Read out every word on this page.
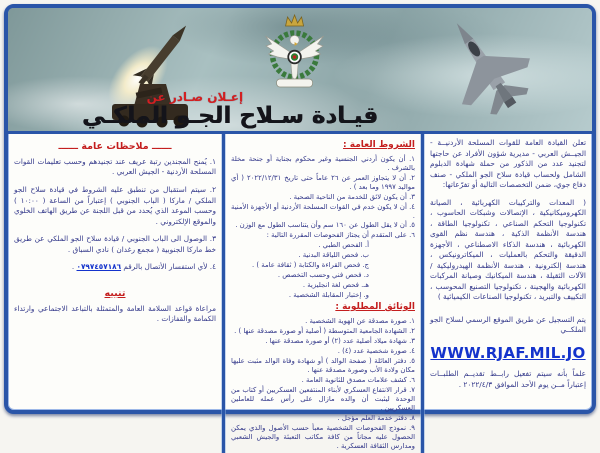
إعـلان صـادر عن
قيـادة سـلاح الجـو الملكـي

تعلن القيادة العامة للقوات المسلحة الأردنيــة - الجيــش العربي - مديرية شؤون الأفراد عن حاجتها لتجنيد عدد من الذكور من حملة شهادة الدبلوم الشامل ولحساب قيادة سلاح الجو الملكي - صنف دفاع جوي، ضمن التخصصات التالية أو تفرّعاتها:

( المعدات والتركيبات الكهربائية ، الصيانة الكهروميكانيكية ، الإتصالات وشبكات الحاسوب ، تكنولوجيا التحكم الصناعي ، تكنولوجيا الطاقة ، هندسة الأنظمة الذكية ، هندسة نظم القوى الكهربائية ، هندسة الذكاء الاصطناعي ، الأجهزة الدقيقة والتحكم بالعمليات ، الميكاترونيكس ، هندسة إلكترونية ، هندسة الأنظمة الهيدروليكية / الآلات الثقيلة ، هندسة الميكانيك وصيانة المركبات الكهربائية والهجينة ، تكنولوجيا التصنيع المحوسب ، التكييف والتبريد ، تكنولوجيا الصناعات الكيميائية )

يتم التسجيل عن طريق الموقع الرسمي لسلاح الجو الملكــي

WWW.RJAF.MIL.JO

علماً بأنه سيتم تفعيل رابــط تقديــم الطلبــات إعتباراً مــن يوم الأحد الموافق ٢٠٢٢/٤/٣ .

الشروط العامة :
١. أن يكون أردني الجنسية وغير محكوم بجناية أو جنحة مخلة بالشرف .
٢. أن لا يتجاوز العمر عن ٢٦ عاماً حتى تاريخ ٢٠٢٢/١٢/٣١ ( أي مواليد ١٩٩٧ وما بعد ) .
٣. أن يكون لائق للخدمة من الناحية الصحية .
٤. أن لا يكون خدم في القوات المسلحة الأردنية أو الأجهزة الأمنية .
٥. أن لا يقل الطول عن ١٦٠ سم وأن يتناسب الطول مع الوزن .
٦. على المتقدم أن يجتاز الفحوصات المقررة التالية :
أ. الفحص الطبي .
ب. فحص اللياقة البدنية .
ج. فحص القراءة والكتابة ( ثقافة عامة ) .
د. فحص فني وحسب التخصص .
هـ. فحص لغة انجليزية .
و. إختبار المقابلة الشخصية .
الوثائق المطلوبة :
١. صورة مصدقة عن الهوية الشخصية .
٢. الشهادة الجامعية المتوسطة ( أصلية أو صورة مصدقة عنها ) .
٣. شهادة ميلاد أصلية عدد (٢) أو صورة مصدقة عنها .
٤. صورة شخصية عدد (٤) .
٥. دفتر العائلة ( صفحة الوالد ) أو شهادة وفاة الوالد مثبت عليها مكان ولادة الأب وصورة مصدقة عنها .
٦. كشف علامات مصدق للثانوية العامة .
٧. قرار الانتفاع العسكري لأبناء المنتفعين العسكريين أو كتاب من الوحدة ليثبت أن والده مازال على رأس عمله للعاملين العسكريين .
٨. دفتر خدمة العلم مؤجل .
٩. نموذج الفحوصات الشخصية معبأ حسب الأصول والذي يمكن الحصول عليه مجاناً من كافة مكاتب التعبئة والجيش الشعبي ومدارس الثقافة العسكرية .
ــــــ ملاحظات عامة ــــــ
١. يُمنح المجندين رتبة عريف عند تجنيدهم وحسب تعليمات القوات المسلحة الأردنية - الجيش العربي .
٢. سيتم استقبال من تنطبق عليه الشروط في قيادة سلاح الجو الملكي / ماركا ( الباب الجنوبي ) إعتباراً من الساعة ( ١٠:٠٠ ) وحسب الموعد الذي يُحدد من قبل اللجنة عن طريق الهاتف الخلوي والموقع الإلكتروني .
٣. الوصول الى الباب الجنوبي / قيادة سلاح الجو الملكي عن طريق خط ماركا الجنوبية ( مجمع رغدان ) نادي السباق .
٤. لأي استفسار الأتصال بالرقم ٠٧٩٧٤٥٧١٨٦ .
تنبيه

مراعاة قواعد السلامة العامة والمتمثلة بالتباعد الاجتماعي وارتداء الكمامة والقفازات .
